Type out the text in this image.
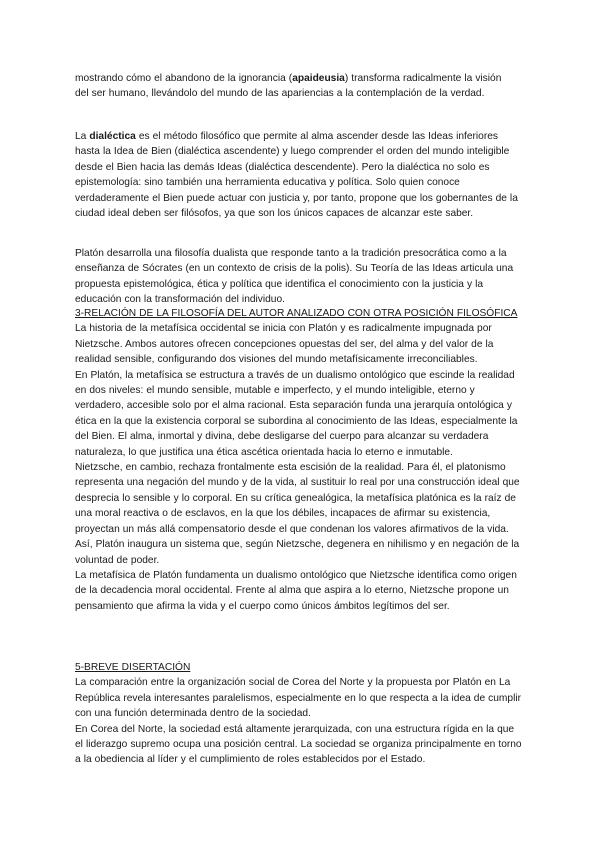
mostrando cómo el abandono de la ignorancia (apaideusia) transforma radicalmente la visión del ser humano, llevándolo del mundo de las apariencias a la contemplación de la verdad.

La dialéctica es el método filosófico que permite al alma ascender desde las Ideas inferiores hasta la Idea de Bien (dialéctica ascendente) y luego comprender el orden del mundo inteligible desde el Bien hacia las demás Ideas (dialéctica descendente). Pero la dialéctica no solo es epistemología: sino también una herramienta educativa y política. Solo quien conoce verdaderamente el Bien puede actuar con justicia y, por tanto, propone que los gobernantes de la ciudad ideal deben ser filósofos, ya que son los únicos capaces de alcanzar este saber.

Platón desarrolla una filosofía dualista que responde tanto a la tradición presocrática como a la enseñanza de Sócrates (en un contexto de crisis de la polis). Su Teoría de las Ideas articula una propuesta epistemológica, ética y política que identifica el conocimiento con la justicia y la educación con la transformación del individuo.

3-RELACIÓN DE LA FILOSOFÍA DEL AUTOR ANALIZADO CON OTRA POSICIÓN FILOSÓFICA
La historia de la metafísica occidental se inicia con Platón y es radicalmente impugnada por Nietzsche. Ambos autores ofrecen concepciones opuestas del ser, del alma y del valor de la realidad sensible, configurando dos visiones del mundo metafísicamente irreconciliables.
En Platón, la metafísica se estructura a través de un dualismo ontológico que escinde la realidad en dos niveles: el mundo sensible, mutable e imperfecto, y el mundo inteligible, eterno y verdadero, accesible solo por el alma racional. Esta separación funda una jerarquía ontológica y ética en la que la existencia corporal se subordina al conocimiento de las Ideas, especialmente la del Bien. El alma, inmortal y divina, debe desligarse del cuerpo para alcanzar su verdadera naturaleza, lo que justifica una ética ascética orientada hacia lo eterno e inmutable.
Nietzsche, en cambio, rechaza frontalmente esta escisión de la realidad. Para él, el platonismo representa una negación del mundo y de la vida, al sustituir lo real por una construcción ideal que desprecia lo sensible y lo corporal. En su crítica genealógica, la metafísica platónica es la raíz de una moral reactiva o de esclavos, en la que los débiles, incapaces de afirmar su existencia, proyectan un más allá compensatorio desde el que condenan los valores afirmativos de la vida. Así, Platón inaugura un sistema que, según Nietzsche, degenera en nihilismo y en negación de la voluntad de poder.
La metafísica de Platón fundamenta un dualismo ontológico que Nietzsche identifica como origen de la decadencia moral occidental. Frente al alma que aspira a lo eterno, Nietzsche propone un pensamiento que afirma la vida y el cuerpo como únicos ámbitos legítimos del ser.
5-BREVE DISERTACIÓN
La comparación entre la organización social de Corea del Norte y la propuesta por Platón en La República revela interesantes paralelismos, especialmente en lo que respecta a la idea de cumplir con una función determinada dentro de la sociedad.
En Corea del Norte, la sociedad está altamente jerarquizada, con una estructura rígida en la que el liderazgo supremo ocupa una posición central. La sociedad se organiza principalmente en torno a la obediencia al líder y el cumplimiento de roles establecidos por el Estado.
